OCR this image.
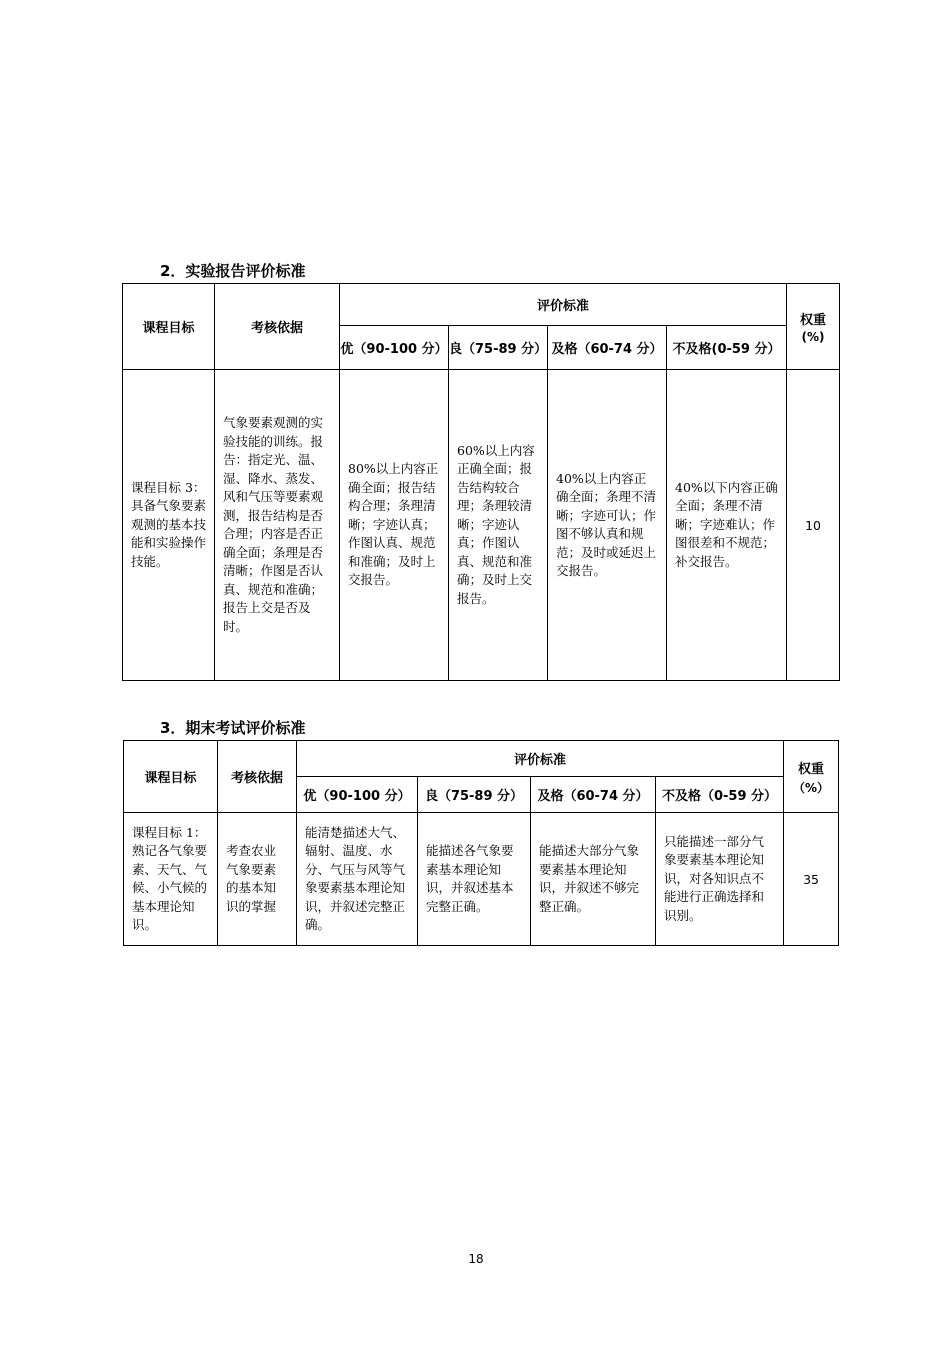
2．实验报告评价标准
课程目标	考核依据	评价标准				权重
(%)

		优（90-100 分）	良（75-89 分）	及格（60-74 分）	不及格(0-59 分）	
课程目标 3：具备气象要素观测的基本技能和实验操作技能。	气象要素观测的实验技能的训练。报告：指定光、温、湿、降水、蒸发、风和气压等要素观测，报告结构是否合理；内容是否正确全面；条理是否清晰；作图是否认真、规范和准确；报告上交是否及时。	80%以上内容正确全面；报告结构合理；条理清晰；字迹认真；作图认真、规范和准确；及时上交报告。	60%以上内容正确全面；报告结构较合理；条理较清晰；字迹认真；作图认真、规范和准确；及时上交报告。	40%以上内容正确全面；条理不清晰；字迹可认；作图不够认真和规范；及时或延迟上交报告。	40%以下内容正确全面；条理不清晰；字迹难认；作图很差和不规范；补交报告。	10
3．期末考试评价标准
课程目标	考核依据	评价标准				权重
（%）

		优（90-100 分）	良（75-89 分）	及格（60-74 分）	不及格（0-59 分）	
课程目标 1：熟记各气象要素、天气、气候、小气候的基本理论知识。	考查农业气象要素的基本知识的掌握	能清楚描述大气、辐射、温度、水分、气压与风等气象要素基本理论知识，并叙述完整正确。	能描述各气象要素基本理论知识，并叙述基本完整正确。	能描述大部分气象要素基本理论知识，并叙述不够完整正确。	只能描述一部分气象要素基本理论知识，对各知识点不能进行正确选择和识别。	35
18
